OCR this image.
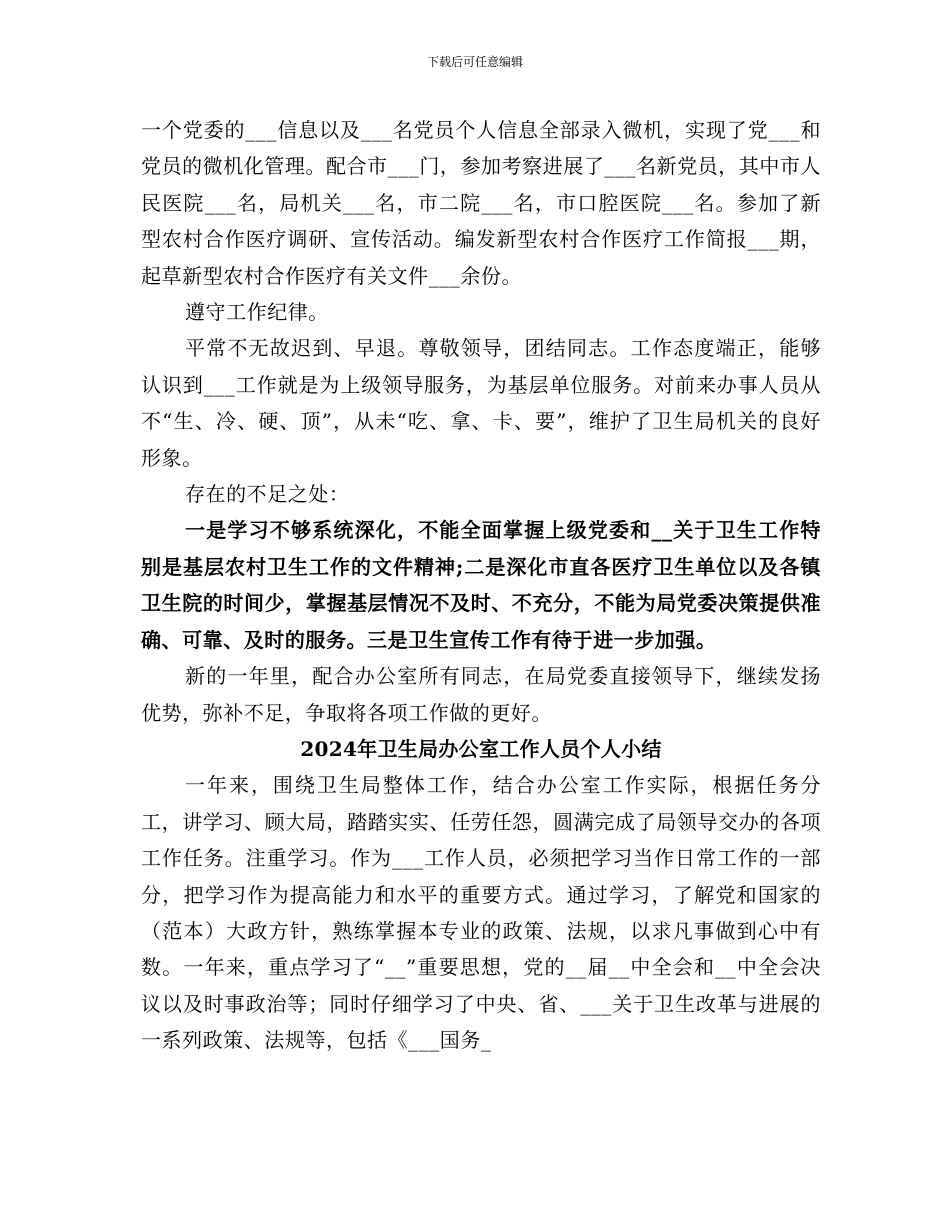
下载后可任意编辑

一个党委的___信息以及___名党员个人信息全部录入微机，实现了党___和党员的微机化管理。配合市___门，参加考察进展了___名新党员，其中市人民医院___名，局机关___名，市二院___名，市口腔医院___名。参加了新型农村合作医疗调研、宣传活动。编发新型农村合作医疗工作简报___期，起草新型农村合作医疗有关文件___余份。

遵守工作纪律。

平常不无故迟到、早退。尊敬领导，团结同志。工作态度端正，能够认识到___工作就是为上级领导服务，为基层单位服务。对前来办事人员从不“生、冷、硬、顶”，从未“吃、拿、卡、要”，维护了卫生局机关的良好形象。

存在的不足之处：

一是学习不够系统深化，不能全面掌握上级党委和__关于卫生工作特别是基层农村卫生工作的文件精神;二是深化市直各医疗卫生单位以及各镇卫生院的时间少，掌握基层情况不及时、不充分，不能为局党委决策提供准确、可靠、及时的服务。三是卫生宣传工作有待于进一步加强。

新的一年里，配合办公室所有同志，在局党委直接领导下，继续发扬优势，弥补不足，争取将各项工作做的更好。

2024年卫生局办公室工作人员个人小结

一年来，围绕卫生局整体工作，结合办公室工作实际，根据任务分工，讲学习、顾大局，踏踏实实、任劳任怨，圆满完成了局领导交办的各项工作任务。注重学习。作为___工作人员，必须把学习当作日常工作的一部分，把学习作为提高能力和水平的重要方式。通过学习，了解党和国家的（范本）大政方针，熟练掌握本专业的政策、法规，以求凡事做到心中有数。一年来，重点学习了“__”重要思想，党的__届__中全会和__中全会决议以及时事政治等；同时仔细学习了中央、省、___关于卫生改革与进展的一系列政策、法规等，包括《___国务_
